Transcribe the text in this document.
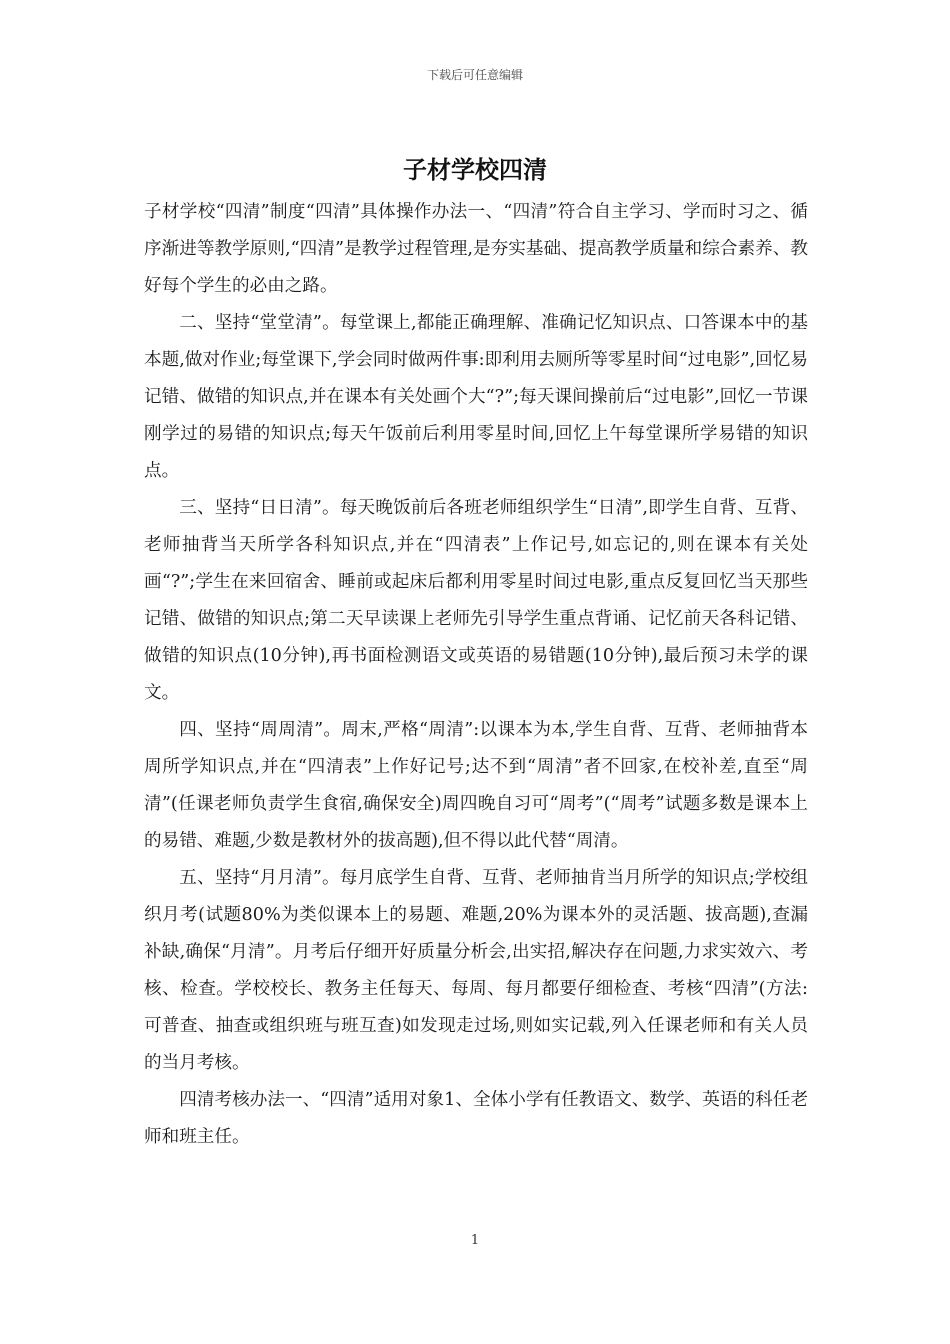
下载后可任意编辑
子材学校四清

子材学校“四清”制度“四清”具体操作办法一、“四清”符合自主学习、学而时习之、循序渐进等教学原则,“四清”是教学过程管理,是夯实基础、提高教学质量和综合素养、教好每个学生的必由之路。

二、坚持“堂堂清”。每堂课上,都能正确理解、准确记忆知识点、口答课本中的基本题,做对作业;每堂课下,学会同时做两件事:即利用去厕所等零星时间“过电影”,回忆易记错、做错的知识点,并在课本有关处画个大“?”;每天课间操前后“过电影”,回忆一节课刚学过的易错的知识点;每天午饭前后利用零星时间,回忆上午每堂课所学易错的知识点。

三、坚持“日日清”。每天晚饭前后各班老师组织学生“日清”,即学生自背、互背、老师抽背当天所学各科知识点,并在“四清表”上作记号,如忘记的,则在课本有关处画“?”;学生在来回宿舍、睡前或起床后都利用零星时间过电影,重点反复回忆当天那些记错、做错的知识点;第二天早读课上老师先引导学生重点背诵、记忆前天各科记错、做错的知识点(10分钟),再书面检测语文或英语的易错题(10分钟),最后预习未学的课文。

四、坚持“周周清”。周末,严格“周清”:以课本为本,学生自背、互背、老师抽背本周所学知识点,并在“四清表”上作好记号;达不到“周清”者不回家,在校补差,直至“周清”(任课老师负责学生食宿,确保安全)周四晚自习可“周考”(“周考”试题多数是课本上的易错、难题,少数是教材外的拔高题),但不得以此代替“周清。

五、坚持“月月清”。每月底学生自背、互背、老师抽肯当月所学的知识点;学校组织月考(试题80%为类似课本上的易题、难题,20%为课本外的灵活题、拔高题),查漏补缺,确保“月清”。月考后仔细开好质量分析会,出实招,解决存在问题,力求实效六、考核、检查。学校校长、教务主任每天、每周、每月都要仔细检查、考核“四清”(方法:可普查、抽查或组织班与班互查)如发现走过场,则如实记载,列入任课老师和有关人员的当月考核。

四清考核办法一、“四清”适用对象1、全体小学有任教语文、数学、英语的科任老师和班主任。

1
